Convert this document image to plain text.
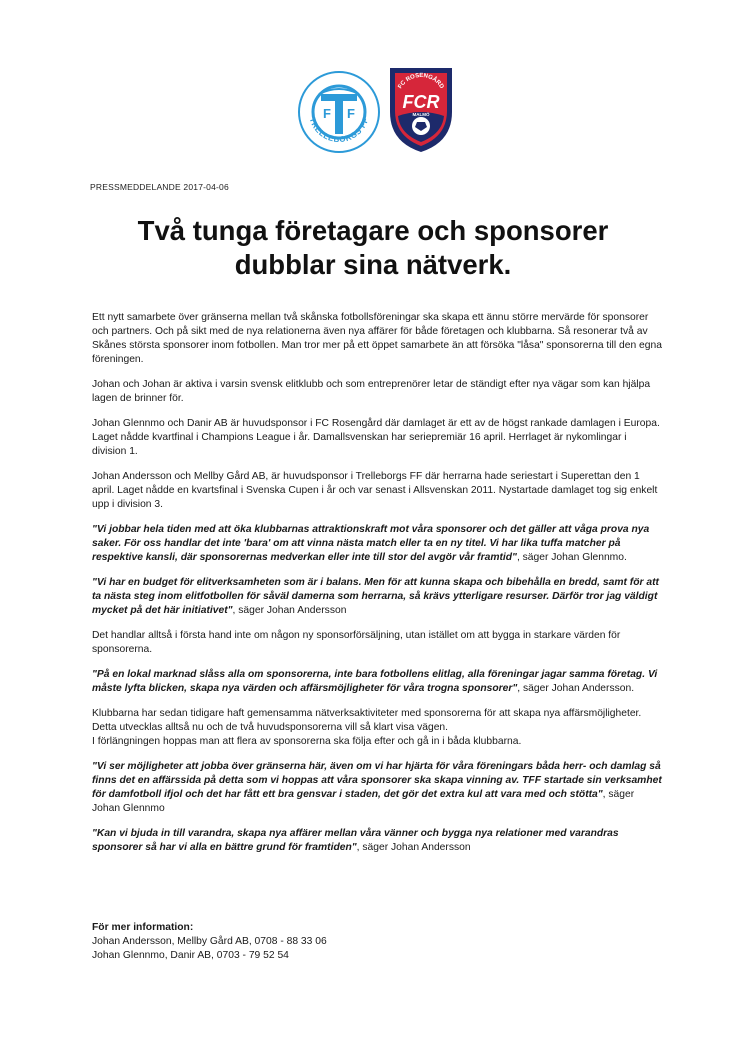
F F
TRELLEBORGS FF
FC ROSENGÅRD
FCR
MALMÖ
PRESSMEDDELANDE 2017-04-06
Två tunga företagare och sponsorer
dubblar sina nätverk.

Ett nytt samarbete över gränserna mellan två skånska fotbollsföreningar ska skapa ett ännu större mervärde för sponsorer och partners. Och på sikt med de nya relationerna även nya affärer för både företagen och klubbarna. Så resonerar två av Skånes största sponsorer inom fotbollen. Man tror mer på ett öppet samarbete än att försöka "låsa" sponsorerna till den egna föreningen.

Johan och Johan är aktiva i varsin svensk elitklubb och som entreprenörer letar de ständigt efter nya vägar som kan hjälpa lagen de brinner för.

Johan Glennmo och Danir AB är huvudsponsor i FC Rosengård där damlaget är ett av de högst rankade damlagen i Europa. Laget nådde kvartfinal i Champions League i år. Damallsvenskan har seriepremiär 16 april. Herrlaget är nykomlingar i division 1.

Johan Andersson och Mellby Gård AB, är huvudsponsor i Trelleborgs FF där herrarna hade seriestart i Superettan den 1 april. Laget nådde en kvartsfinal i Svenska Cupen i år och var senast i Allsvenskan 2011. Nystartade damlaget tog sig enkelt upp i division 3.

"Vi jobbar hela tiden med att öka klubbarnas attraktionskraft mot våra sponsorer och det gäller att våga prova nya saker. För oss handlar det inte 'bara' om att vinna nästa match eller ta en ny titel. Vi har lika tuffa matcher på respektive kansli, där sponsorernas medverkan eller inte till stor del avgör vår framtid", säger Johan Glennmo.

"Vi har en budget för elitverksamheten som är i balans. Men för att kunna skapa och bibehålla en bredd, samt för att ta nästa steg inom elitfotbollen för såväl damerna som herrarna, så krävs ytterligare resurser. Därför tror jag väldigt mycket på det här initiativet", säger Johan Andersson

Det handlar alltså i första hand inte om någon ny sponsorförsäljning, utan istället om att bygga in starkare värden för sponsorerna.

"På en lokal marknad slåss alla om sponsorerna, inte bara fotbollens elitlag, alla föreningar jagar samma företag. Vi måste lyfta blicken, skapa nya värden och affärsmöjligheter för våra trogna sponsorer", säger Johan Andersson.

Klubbarna har sedan tidigare haft gemensamma nätverksaktiviteter med sponsorerna för att skapa nya affärsmöjligheter. Detta utvecklas alltså nu och de två huvudsponsorerna vill så klart visa vägen.
I förlängningen hoppas man att flera av sponsorerna ska följa efter och gå in i båda klubbarna.

"Vi ser möjligheter att jobba över gränserna här, även om vi har hjärta för våra föreningars båda herr- och damlag så finns det en affärssida på detta som vi hoppas att våra sponsorer ska skapa vinning av. TFF startade sin verksamhet för damfotboll ifjol och det har fått ett bra gensvar i staden, det gör det extra kul att vara med och stötta", säger Johan Glennmo

"Kan vi bjuda in till varandra, skapa nya affärer mellan våra vänner och bygga nya relationer med varandras sponsorer så har vi alla en bättre grund för framtiden", säger Johan Andersson

För mer information:
Johan Andersson, Mellby Gård AB, 0708 - 88 33 06
Johan Glennmo, Danir AB, 0703 - 79 52 54
